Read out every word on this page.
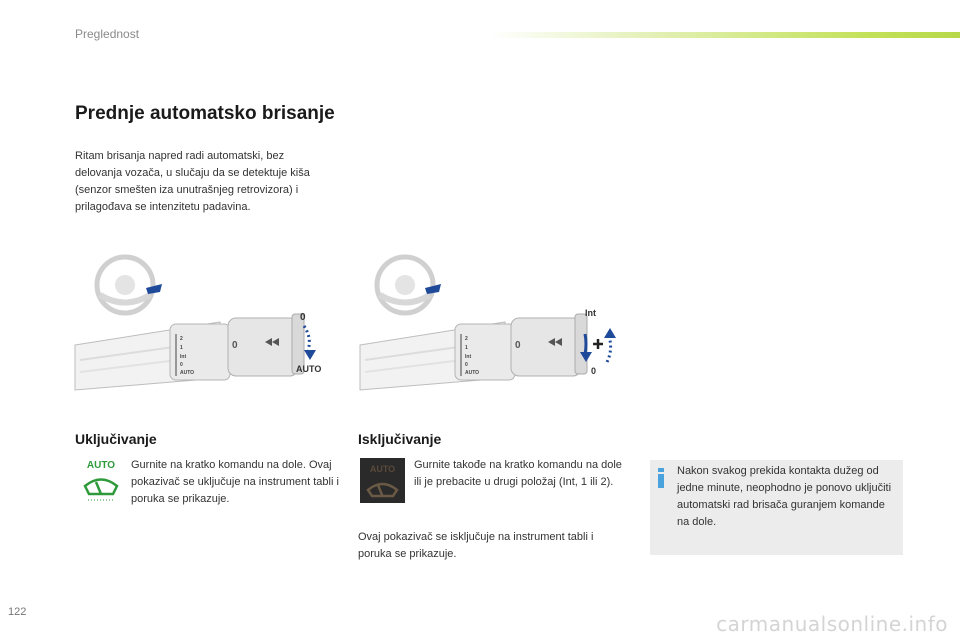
Preglednost
Prednje automatsko brisanje

Ritam brisanja napred radi automatski, bez delovanja vozača, u slučaju da se detektuje kiša (senzor smešten iza unutrašnjeg retrovizora) i prilagođava se intenzitetu padavina.

2
1
Int
0
AUTO
0
0
AUTO
2
1
Int
0
AUTO
0
Int
0
Uključivanje
AUTO Gurnite na kratko komandu na dole. Ovaj pokazivač se uključuje na instrument tabli i poruka se prikazuje.

Isključivanje
AUTO Gurnite takođe na kratko komandu na dole ili je prebacite u drugi položaj (Int, 1 ili 2).

Ovaj pokazivač se isključuje na instrument tabli i poruka se prikazuje.

Nakon svakog prekida kontakta dužeg od jedne minute, neophodno je ponovo uključiti automatski rad brisača guranjem komande na dole.

122	carmanualsonline.info
